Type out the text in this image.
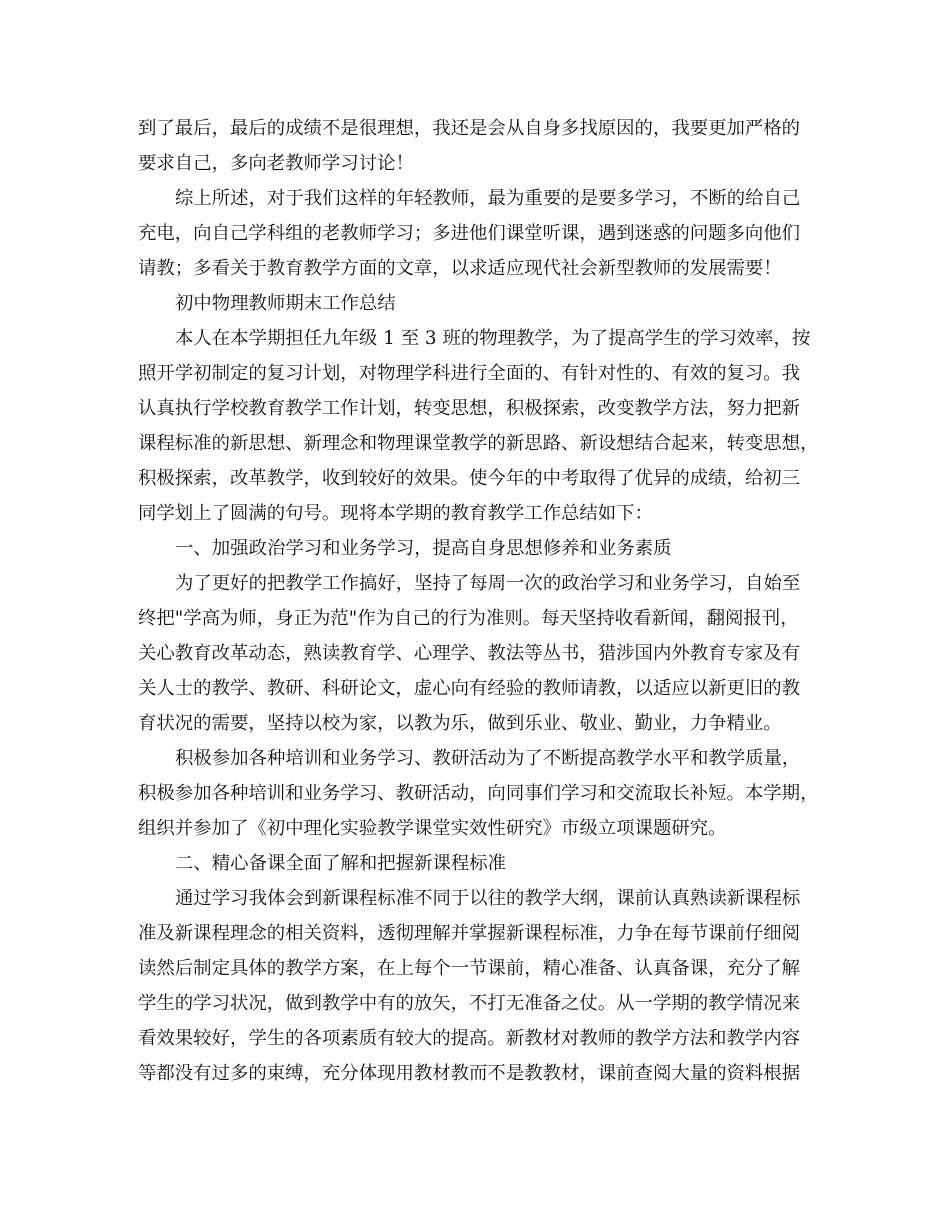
到了最后，最后的成绩不是很理想，我还是会从自身多找原因的，我要更加严格的
要求自己，多向老教师学习讨论！
综上所述，对于我们这样的年轻教师，最为重要的是要多学习，不断的给自己
充电，向自己学科组的老教师学习；多进他们课堂听课，遇到迷惑的问题多向他们
请教；多看关于教育教学方面的文章，以求适应现代社会新型教师的发展需要！
初中物理教师期末工作总结
本人在本学期担任九年级 1 至 3 班的物理教学，为了提高学生的学习效率，按
照开学初制定的复习计划，对物理学科进行全面的、有针对性的、有效的复习。我
认真执行学校教育教学工作计划，转变思想，积极探索，改变教学方法，努力把新
课程标准的新思想、新理念和物理课堂教学的新思路、新设想结合起来，转变思想，
积极探索，改革教学，收到较好的效果。使今年的中考取得了优异的成绩，给初三
同学划上了圆满的句号。现将本学期的教育教学工作总结如下：
一、加强政治学习和业务学习，提高自身思想修养和业务素质
为了更好的把教学工作搞好，坚持了每周一次的政治学习和业务学习，自始至
终把"学高为师，身正为范"作为自己的行为准则。每天坚持收看新闻，翻阅报刊，
关心教育改革动态，熟读教育学、心理学、教法等丛书，猎涉国内外教育专家及有
关人士的教学、教研、科研论文，虚心向有经验的教师请教，以适应以新更旧的教
育状况的需要，坚持以校为家，以教为乐，做到乐业、敬业、勤业，力争精业。
积极参加各种培训和业务学习、教研活动为了不断提高教学水平和教学质量，
积极参加各种培训和业务学习、教研活动，向同事们学习和交流取长补短。本学期，
组织并参加了《初中理化实验教学课堂实效性研究》市级立项课题研究。
二、精心备课全面了解和把握新课程标准
通过学习我体会到新课程标准不同于以往的教学大纲，课前认真熟读新课程标
准及新课程理念的相关资料，透彻理解并掌握新课程标准，力争在每节课前仔细阅
读然后制定具体的教学方案，在上每个一节课前，精心准备、认真备课，充分了解
学生的学习状况，做到教学中有的放矢，不打无准备之仗。从一学期的教学情况来
看效果较好，学生的各项素质有较大的提高。新教材对教师的教学方法和教学内容
等都没有过多的束缚，充分体现用教材教而不是教教材，课前查阅大量的资料根据
